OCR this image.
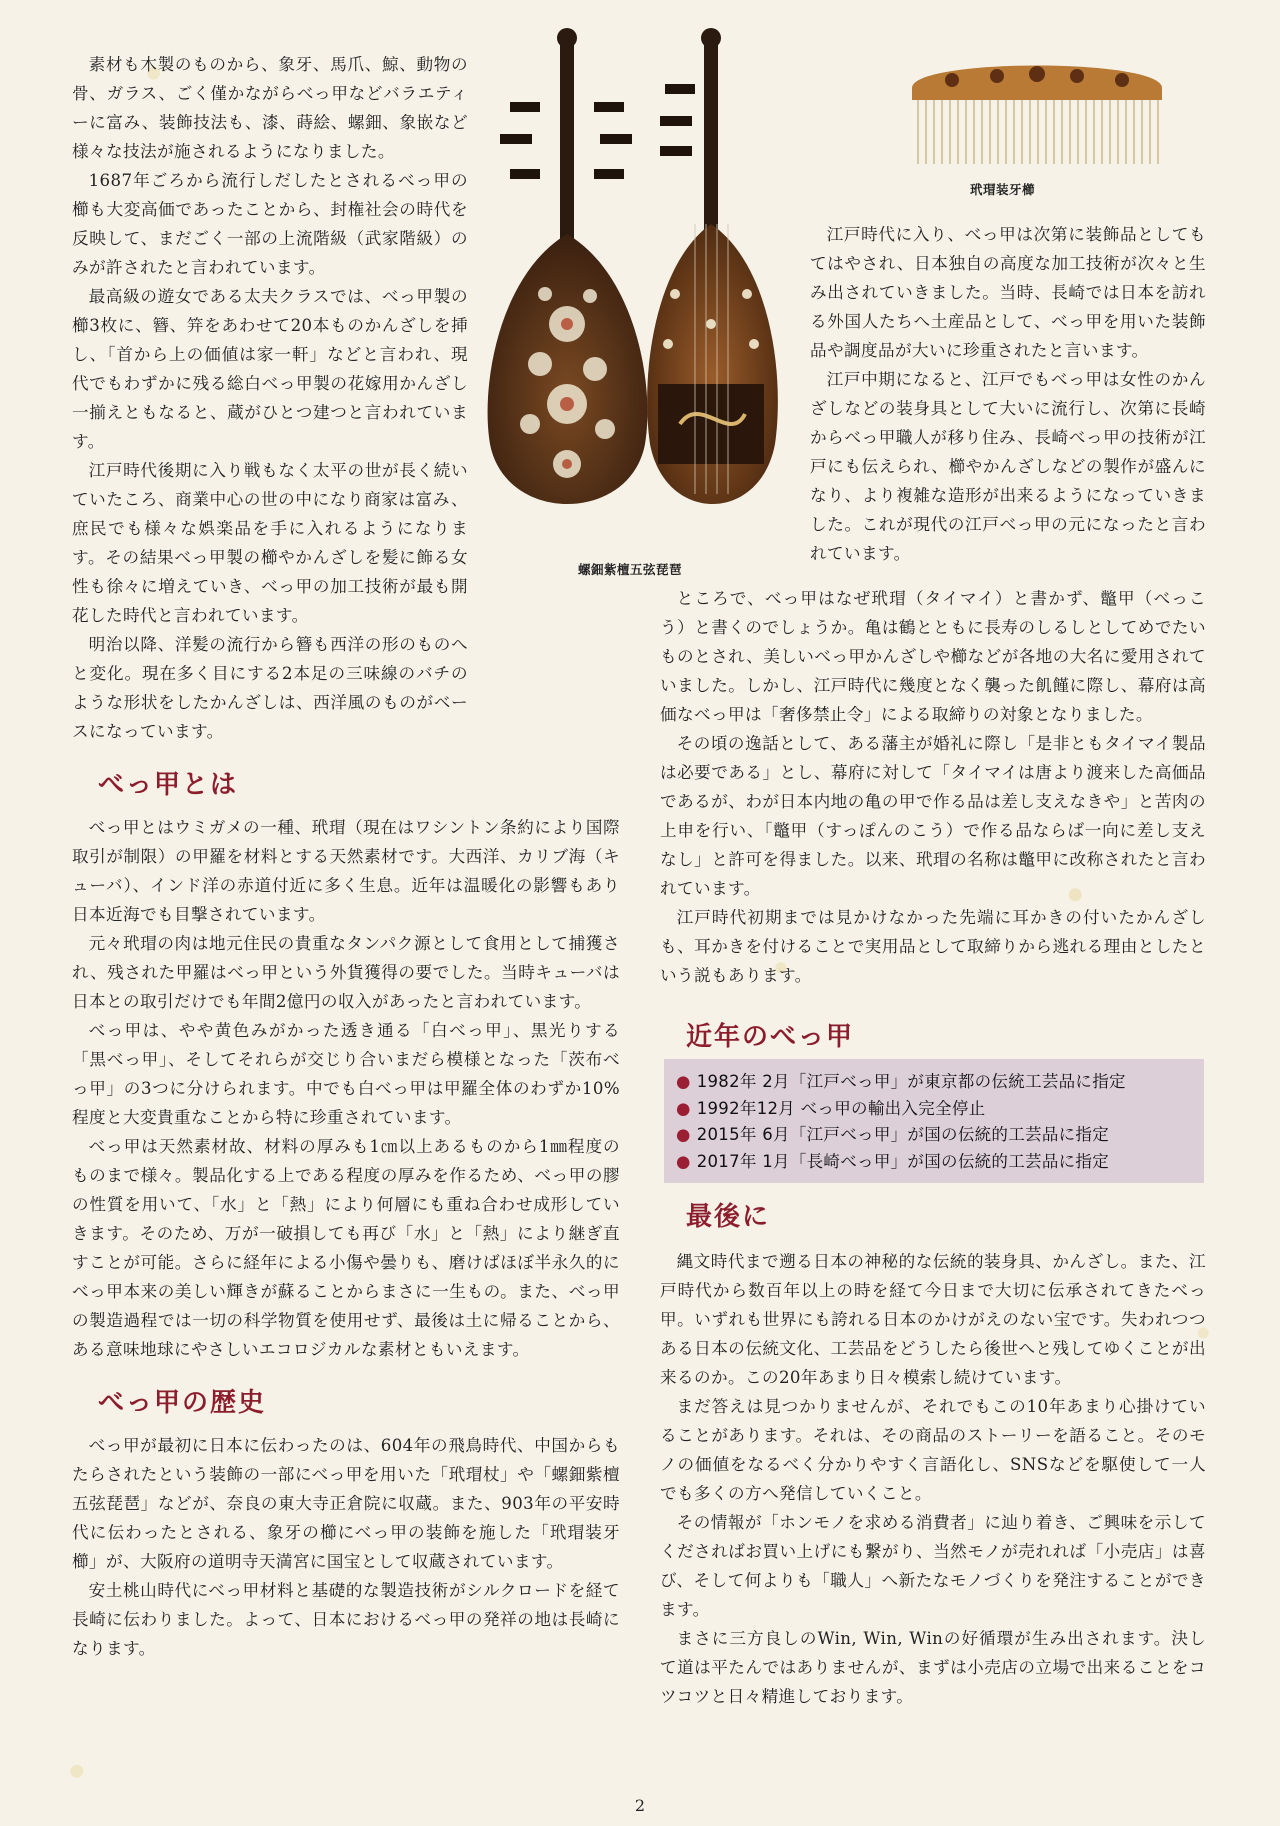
螺鈿紫檀五弦琵琶
玳瑁装牙櫛

素材も木製のものから、象牙、馬爪、鯨、動物の骨、ガラス、ごく僅かながらべっ甲などバラエティーに富み、装飾技法も、漆、蒔絵、螺鈿、象嵌など様々な技法が施されるようになりました。

1687年ごろから流行しだしたとされるべっ甲の櫛も大変高価であったことから、封権社会の時代を反映して、まだごく一部の上流階級（武家階級）のみが許されたと言われています。

最高級の遊女である太夫クラスでは、べっ甲製の櫛3枚に、簪、笄をあわせて20本ものかんざしを挿し、「首から上の価値は家一軒」などと言われ、現代でもわずかに残る総白べっ甲製の花嫁用かんざし一揃えともなると、蔵がひとつ建つと言われています。

江戸時代後期に入り戦もなく太平の世が長く続いていたころ、商業中心の世の中になり商家は富み、庶民でも様々な娯楽品を手に入れるようになります。その結果べっ甲製の櫛やかんざしを髪に飾る女性も徐々に増えていき、べっ甲の加工技術が最も開花した時代と言われています。

明治以降、洋髪の流行から簪も西洋の形のものへと変化。現在多く目にする2本足の三味線のバチのような形状をしたかんざしは、西洋風のものがベースになっています。

べっ甲とは

べっ甲とはウミガメの一種、玳瑁（現在はワシントン条約により国際取引が制限）の甲羅を材料とする天然素材です。大西洋、カリブ海（キューバ）、インド洋の赤道付近に多く生息。近年は温暖化の影響もあり日本近海でも目撃されています。

元々玳瑁の肉は地元住民の貴重なタンパク源として食用として捕獲され、残された甲羅はべっ甲という外貨獲得の要でした。当時キューバは日本との取引だけでも年間2億円の収入があったと言われています。

べっ甲は、やや黄色みがかった透き通る「白べっ甲」、黒光りする「黒べっ甲」、そしてそれらが交じり合いまだら模様となった「茨布べっ甲」の3つに分けられます。中でも白べっ甲は甲羅全体のわずか10%程度と大変貴重なことから特に珍重されています。

べっ甲は天然素材故、材料の厚みも1㎝以上あるものから1㎜程度のものまで様々。製品化する上である程度の厚みを作るため、べっ甲の膠の性質を用いて、「水」と「熱」により何層にも重ね合わせ成形していきます。そのため、万が一破損しても再び「水」と「熱」により継ぎ直すことが可能。さらに経年による小傷や曇りも、磨けばほぼ半永久的にべっ甲本来の美しい輝きが蘇ることからまさに一生もの。また、べっ甲の製造過程では一切の科学物質を使用せず、最後は土に帰ることから、ある意味地球にやさしいエコロジカルな素材ともいえます。

べっ甲の歴史

べっ甲が最初に日本に伝わったのは、604年の飛鳥時代、中国からもたらされたという装飾の一部にべっ甲を用いた「玳瑁杖」や「螺鈿紫檀五弦琵琶」などが、奈良の東大寺正倉院に収蔵。また、903年の平安時代に伝わったとされる、象牙の櫛にべっ甲の装飾を施した「玳瑁装牙櫛」が、大阪府の道明寺天満宮に国宝として収蔵されています。

安土桃山時代にべっ甲材料と基礎的な製造技術がシルクロードを経て長崎に伝わりました。よって、日本におけるべっ甲の発祥の地は長崎になります。

江戸時代に入り、べっ甲は次第に装飾品としてもてはやされ、日本独自の高度な加工技術が次々と生み出されていきました。当時、長崎では日本を訪れる外国人たちへ土産品として、べっ甲を用いた装飾品や調度品が大いに珍重されたと言います。

江戸中期になると、江戸でもべっ甲は女性のかんざしなどの装身具として大いに流行し、次第に長崎からべっ甲職人が移り住み、長崎べっ甲の技術が江戸にも伝えられ、櫛やかんざしなどの製作が盛んになり、より複雑な造形が出来るようになっていきました。これが現代の江戸べっ甲の元になったと言われています。

ところで、べっ甲はなぜ玳瑁（タイマイ）と書かず、鼈甲（べっこう）と書くのでしょうか。亀は鶴とともに長寿のしるしとしてめでたいものとされ、美しいべっ甲かんざしや櫛などが各地の大名に愛用されていました。しかし、江戸時代に幾度となく襲った飢饉に際し、幕府は高価なべっ甲は「奢侈禁止令」による取締りの対象となりました。

その頃の逸話として、ある藩主が婚礼に際し「是非ともタイマイ製品は必要である」とし、幕府に対して「タイマイは唐より渡来した高価品であるが、わが日本内地の亀の甲で作る品は差し支えなきや」と苦肉の上申を行い、「鼈甲（すっぽんのこう）で作る品ならば一向に差し支えなし」と許可を得ました。以来、玳瑁の名称は鼈甲に改称されたと言われています。

江戸時代初期までは見かけなかった先端に耳かきの付いたかんざしも、耳かきを付けることで実用品として取締りから逃れる理由としたという説もあります。

近年のべっ甲
● 1982年 2月「江戸べっ甲」が東京都の伝統工芸品に指定
● 1992年12月 べっ甲の輸出入完全停止
● 2015年 6月「江戸べっ甲」が国の伝統的工芸品に指定
● 2017年 1月「長崎べっ甲」が国の伝統的工芸品に指定
最後に

縄文時代まで遡る日本の神秘的な伝統的装身具、かんざし。また、江戸時代から数百年以上の時を経て今日まで大切に伝承されてきたべっ甲。いずれも世界にも誇れる日本のかけがえのない宝です。失われつつある日本の伝統文化、工芸品をどうしたら後世へと残してゆくことが出来るのか。この20年あまり日々模索し続けています。

まだ答えは見つかりませんが、それでもこの10年あまり心掛けていることがあります。それは、その商品のストーリーを語ること。そのモノの価値をなるべく分かりやすく言語化し、SNSなどを駆使して一人でも多くの方へ発信していくこと。

その情報が「ホンモノを求める消費者」に辿り着き、ご興味を示してくださればお買い上げにも繋がり、当然モノが売れれば「小売店」は喜び、そして何よりも「職人」へ新たなモノづくりを発注することができます。

まさに三方良しのWin, Win, Winの好循環が生み出されます。決して道は平たんではありませんが、まずは小売店の立場で出来ることをコツコツと日々精進しております。

2
